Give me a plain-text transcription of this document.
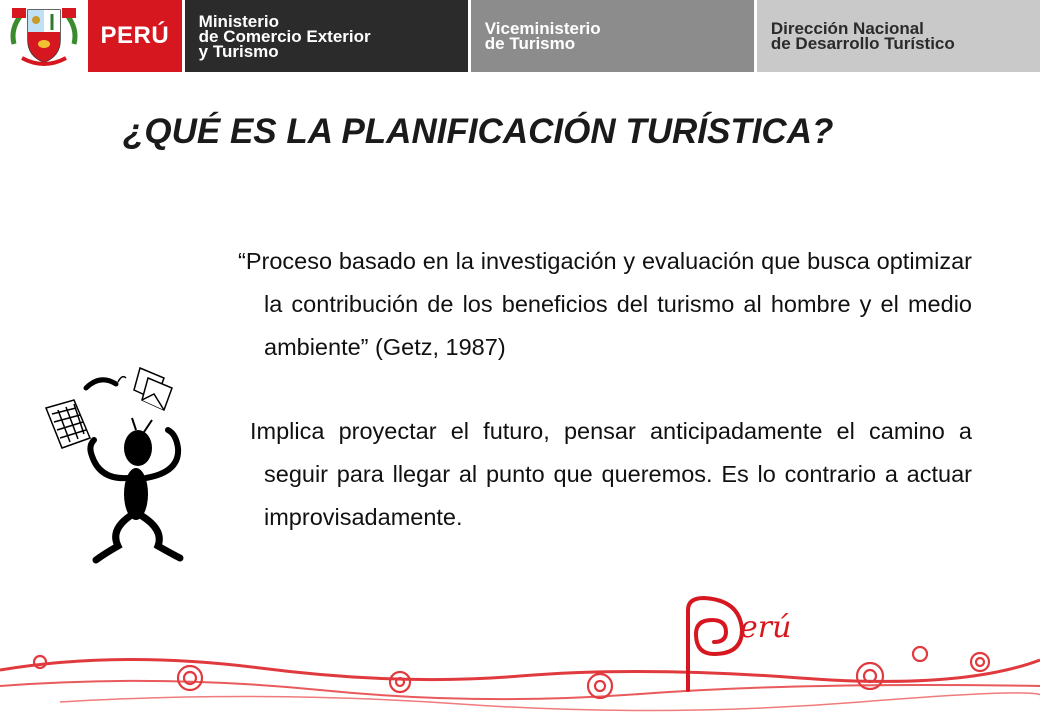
PERÚ
Ministerio
de Comercio Exterior
y Turismo
Viceministerio
de Turismo
Dirección Nacional
de Desarrollo Turístico
¿QUÉ ES LA PLANIFICACIÓN TURÍSTICA?

“Proceso basado en la investigación y evaluación que busca optimizar la contribución de los beneficios del turismo al hombre y el medio ambiente” (Getz, 1987)

Implica proyectar el futuro, pensar anticipadamente el camino a seguir para llegar al punto que queremos. Es lo contrario a actuar improvisadamente.

erú
